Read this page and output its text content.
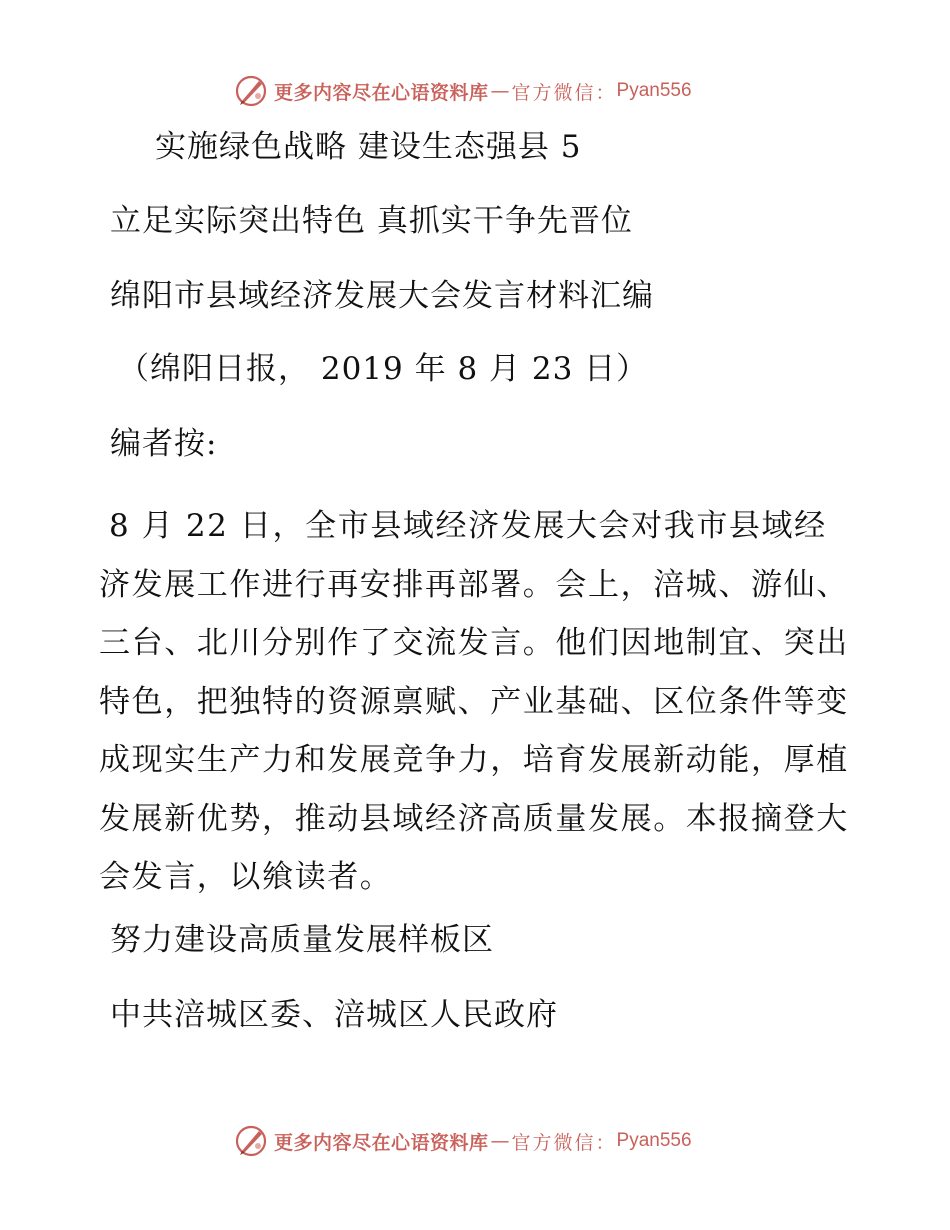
更多内容尽在心语资料库 — 官方微信： Pyan556
实施绿色战略 建设生态强县 5

立足实际突出特色 真抓实干争先晋位

绵阳市县域经济发展大会发言材料汇编

（绵阳日报， 2019 年 8 月 23 日）

编者按:

8 月 22 日，全市县域经济发展大会对我市县域经济发展工作进行再安排再部署。会上，涪城、游仙、三台、北川分别作了交流发言。他们因地制宜、突出特色，把独特的资源禀赋、产业基础、区位条件等变成现实生产力和发展竞争力，培育发展新动能，厚植发展新优势，推动县域经济高质量发展。本报摘登大会发言，以飨读者。

努力建设高质量发展样板区

中共涪城区委、涪城区人民政府

更多内容尽在心语资料库 — 官方微信： Pyan556
